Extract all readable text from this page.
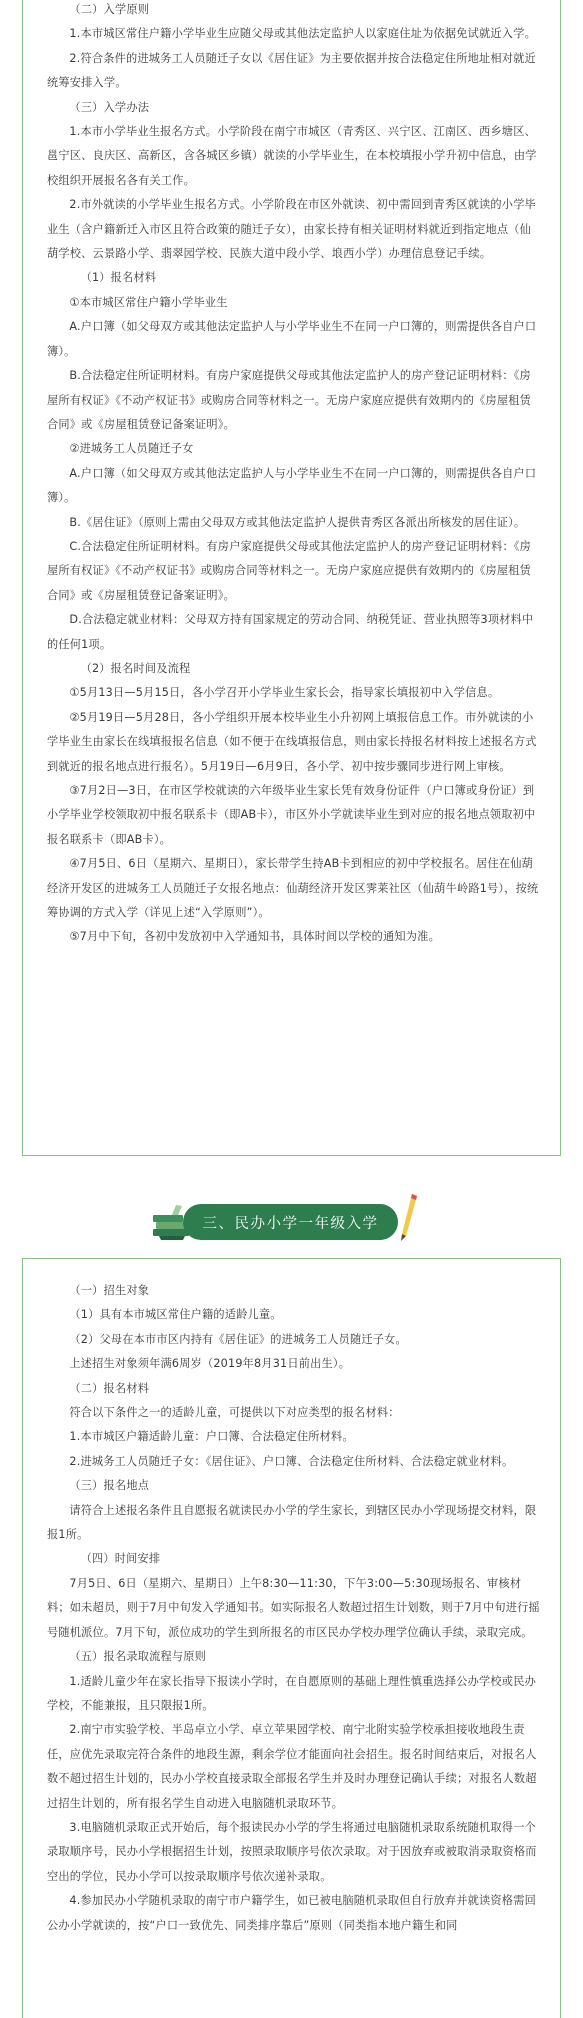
（二）入学原则

1.本市城区常住户籍小学毕业生应随父母或其他法定监护人以家庭住址为依据免试就近入学。

2.符合条件的进城务工人员随迁子女以《居住证》为主要依据并按合法稳定住所地址相对就近统筹安排入学。

（三）入学办法

1.本市小学毕业生报名方式。小学阶段在南宁市城区（青秀区、兴宁区、江南区、西乡塘区、邕宁区、良庆区、高新区，含各城区乡镇）就读的小学毕业生，在本校填报小学升初中信息，由学校组织开展报名各有关工作。

2.市外就读的小学毕业生报名方式。小学阶段在市区外就读、初中需回到青秀区就读的小学毕业生（含户籍新迁入市区且符合政策的随迁子女），由家长持有相关证明材料就近到指定地点（仙葫学校、云景路小学、翡翠园学校、民族大道中段小学、埌西小学）办理信息登记手续。

（1）报名材料

①本市城区常住户籍小学毕业生

A.户口簿（如父母双方或其他法定监护人与小学毕业生不在同一户口簿的，则需提供各自户口簿）。

B.合法稳定住所证明材料。有房户家庭提供父母或其他法定监护人的房产登记证明材料：《房屋所有权证》《不动产权证书》或购房合同等材料之一。无房户家庭应提供有效期内的《房屋租赁合同》或《房屋租赁登记备案证明》。

②进城务工人员随迁子女

A.户口簿（如父母双方或其他法定监护人与小学毕业生不在同一户口簿的，则需提供各自户口簿）。

B.《居住证》（原则上需由父母双方或其他法定监护人提供青秀区各派出所核发的居住证）。

C.合法稳定住所证明材料。有房户家庭提供父母或其他法定监护人的房产登记证明材料：《房屋所有权证》《不动产权证书》或购房合同等材料之一。无房户家庭应提供有效期内的《房屋租赁合同》或《房屋租赁登记备案证明》。

D.合法稳定就业材料：父母双方持有国家规定的劳动合同、纳税凭证、营业执照等3项材料中的任何1项。

（2）报名时间及流程

①5月13日—5月15日，各小学召开小学毕业生家长会，指导家长填报初中入学信息。

②5月19日—5月28日，各小学组织开展本校毕业生小升初网上填报信息工作。市外就读的小学毕业生由家长在线填报报名信息（如不便于在线填报信息，则由家长持报名材料按上述报名方式到就近的报名地点进行报名）。5月19日—6月9日，各小学、初中按步骤同步进行网上审核。

③7月2日—3日，在市区学校就读的六年级毕业生家长凭有效身份证件（户口簿或身份证）到小学毕业学校领取初中报名联系卡（即AB卡），市区外小学就读毕业生到对应的报名地点领取初中报名联系卡（即AB卡）。

④7月5日、6日（星期六、星期日），家长带学生持AB卡到相应的初中学校报名。居住在仙葫经济开发区的进城务工人员随迁子女报名地点：仙葫经济开发区霁莱社区（仙葫牛岭路1号），按统筹协调的方式入学（详见上述“入学原则”）。

⑤7月中下旬，各初中发放初中入学通知书，具体时间以学校的通知为准。

三、民办小学一年级入学

（一）招生对象

（1）具有本市城区常住户籍的适龄儿童。

（2）父母在本市市区内持有《居住证》的进城务工人员随迁子女。

上述招生对象须年满6周岁（2019年8月31日前出生）。

（二）报名材料

符合以下条件之一的适龄儿童，可提供以下对应类型的报名材料：

1.本市城区户籍适龄儿童：户口簿、合法稳定住所材料。

2.进城务工人员随迁子女：《居住证》、户口簿、合法稳定住所材料、合法稳定就业材料。

（三）报名地点

请符合上述报名条件且自愿报名就读民办小学的学生家长，到辖区民办小学现场提交材料，限报1所。

（四）时间安排

7月5日、6日（星期六、星期日）上午8:30—11:30，下午3:00—5:30现场报名、审核材料；如未超员，则于7月中旬发入学通知书。如实际报名人数超过招生计划数，则于7月中旬进行摇号随机派位。7月下旬，派位成功的学生到所报名的市区民办学校办理学位确认手续，录取完成。

（五）报名录取流程与原则

1.适龄儿童少年在家长指导下报读小学时，在自愿原则的基础上理性慎重选择公办学校或民办学校，不能兼报，且只限报1所。

2.南宁市实验学校、半岛卓立小学、卓立苹果园学校、南宁北附实验学校承担接收地段生责任，应优先录取完符合条件的地段生源，剩余学位才能面向社会招生。报名时间结束后，对报名人数不超过招生计划的，民办小学校直接录取全部报名学生并及时办理登记确认手续；对报名人数超过招生计划的，所有报名学生自动进入电脑随机录取环节。

3.电脑随机录取正式开始后，每个报读民办小学的学生将通过电脑随机录取系统随机取得一个录取顺序号，民办小学根据招生计划，按照录取顺序号依次录取。对于因放弃或被取消录取资格而空出的学位，民办小学可以按录取顺序号依次递补录取。

4.参加民办小学随机录取的南宁市户籍学生，如已被电脑随机录取但自行放弃并就读资格需回公办小学就读的，按“户口一致优先、同类排序靠后”原则（同类指本地户籍生和同
